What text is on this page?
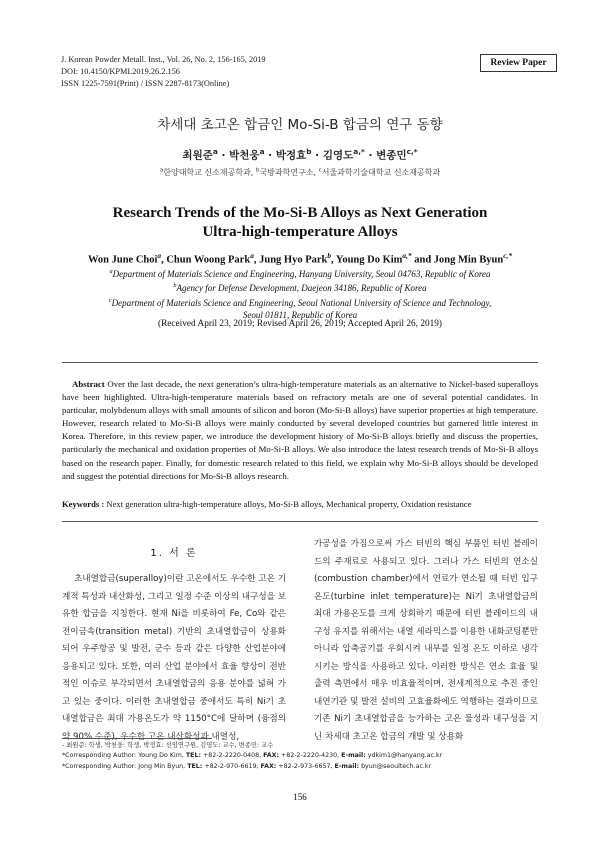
J. Korean Powder Metall. Inst., Vol. 26, No. 2, 156-165, 2019
DOI: 10.4150/KPMI.2019.26.2.156
ISSN 1225-7591(Print) / ISSN 2287-8173(Online)
Review Paper
차세대 초고온 합금인 Mo-Si-B 합금의 연구 동향
최원준$^a$ · 박천웅$^a$ · 박정효$^b$ · 김영도$^{a,*}$ · 변종민$^{c,*}$
$^a$한양대학교 신소재공학과, $^b$국방과학연구소, $^c$서울과학기술대학교 신소재공학과
Research Trends of the Mo-Si-B Alloys as Next Generation
Ultra-high-temperature Alloys
Won June Choi$^a$, Chun Woong Park$^a$, Jung Hyo Park$^b$, Young Do Kim$^{a,*}$ and Jong Min Byun$^{c,*}$
$^a$Department of Materials Science and Engineering, Hanyang University, Seoul 04763, Republic of Korea
$^b$Agency for Defense Development, Daejeon 34186, Republic of Korea
$^c$Department of Materials Science and Engineering, Seoul National University of Science and Technology,
Seoul 01811, Republic of Korea
(Received April 23, 2019; Revised April 26, 2019; Accepted April 26, 2019)
Abstract Over the last decade, the next generation’s ultra-high-temperature materials as an alternative to Nickel-based superalloys have been highlighted. Ultra-high-temperature materials based on refractory metals are one of several potential candidates. In particular, molybdenum alloys with small amounts of silicon and boron (Mo-Si-B alloys) have superior properties at high temperature. However, research related to Mo-Si-B alloys were mainly conducted by several developed countries but garnered little interest in Korea. Therefore, in this review paper, we introduce the development history of Mo-Si-B alloys briefly and discuss the properties, particularly the mechanical and oxidation properties of Mo-Si-B alloys. We also introduce the latest research trends of Mo-Si-B alloys based on the research paper. Finally, for domestic research related to this field, we explain why Mo-Si-B alloys should be developed and suggest the potential directions for Mo-Si-B alloys research.
Keywords : Next generation ultra-high-temperature alloys, Mo-Si-B alloys, Mechanical property, Oxidation resistance
1. 서 론
초내열합금(superalloy)이란 고온에서도 우수한 고온 기계적 특성과 내산화성, 그리고 일정 수준 이상의 내구성을 보유한 합금을 지칭한다. 현재 Ni을 비롯하여 Fe, Co와 같은 전이금속(transition metal) 기반의 초내열합금이 상용화되어 우주항공 및 발전, 군수 등과 같은 다양한 산업분야에 응용되고 있다. 또한, 여러 산업 분야에서 효율 향상이 전반적인 이슈로 부각되면서 초내열합금의 응용 분야를 넓혀 가고 있는 중이다. 이러한 초내열합금 중에서도 특히 Ni기 초내열합금은 최대 가용온도가 약 1150°C에 달하며 (융점의 약 90% 수준), 우수한 고온 내산화성과 내열성,
가공성을 가짐으로써 가스 터빈의 핵심 부품인 터빈 블레이드의 주재료로 사용되고 있다. 그러나 가스 터빈의 연소실(combustion chamber)에서 연료가 연소될 때 터빈 입구온도(turbine inlet temperature)는 Ni기 초내열합금의 최대 가용온도를 크게 상회하기 때문에 터빈 블레이드의 내구성 유지를 위해서는 내열 세라믹스를 이용한 내화코팅뿐만 아니라 압축공기를 우회시켜 내부를 일정 온도 이하로 냉각시키는 방식을 사용하고 있다. 이러한 방식은 연소 효율 및 출력 측면에서 매우 비효율적이며, 전세계적으로 추진 중인 내연기관 및 발전 설비의 고효율화에도 역행하는 결과이므로 기존 Ni기 초내열합금을 능가하는 고온 물성과 내구성을 지닌 차세대 초고온 합금의 개발 및 상용화
- 최원준: 학생, 박천웅: 학생, 박정효: 선임연구원, 김영도: 교수, 변종민: 교수
*Corresponding Author: Young Do Kim, TEL: +82-2-2220-0408, FAX: +82-2-2220-4230, E-mail: ydkim1@hanyang.ac.kr
*Corresponding Author: Jong Min Byun, TEL: +82-2-970-6619, FAX: +82-2-973-6657, E-mail: byun@seoultech.ac.kr
156
